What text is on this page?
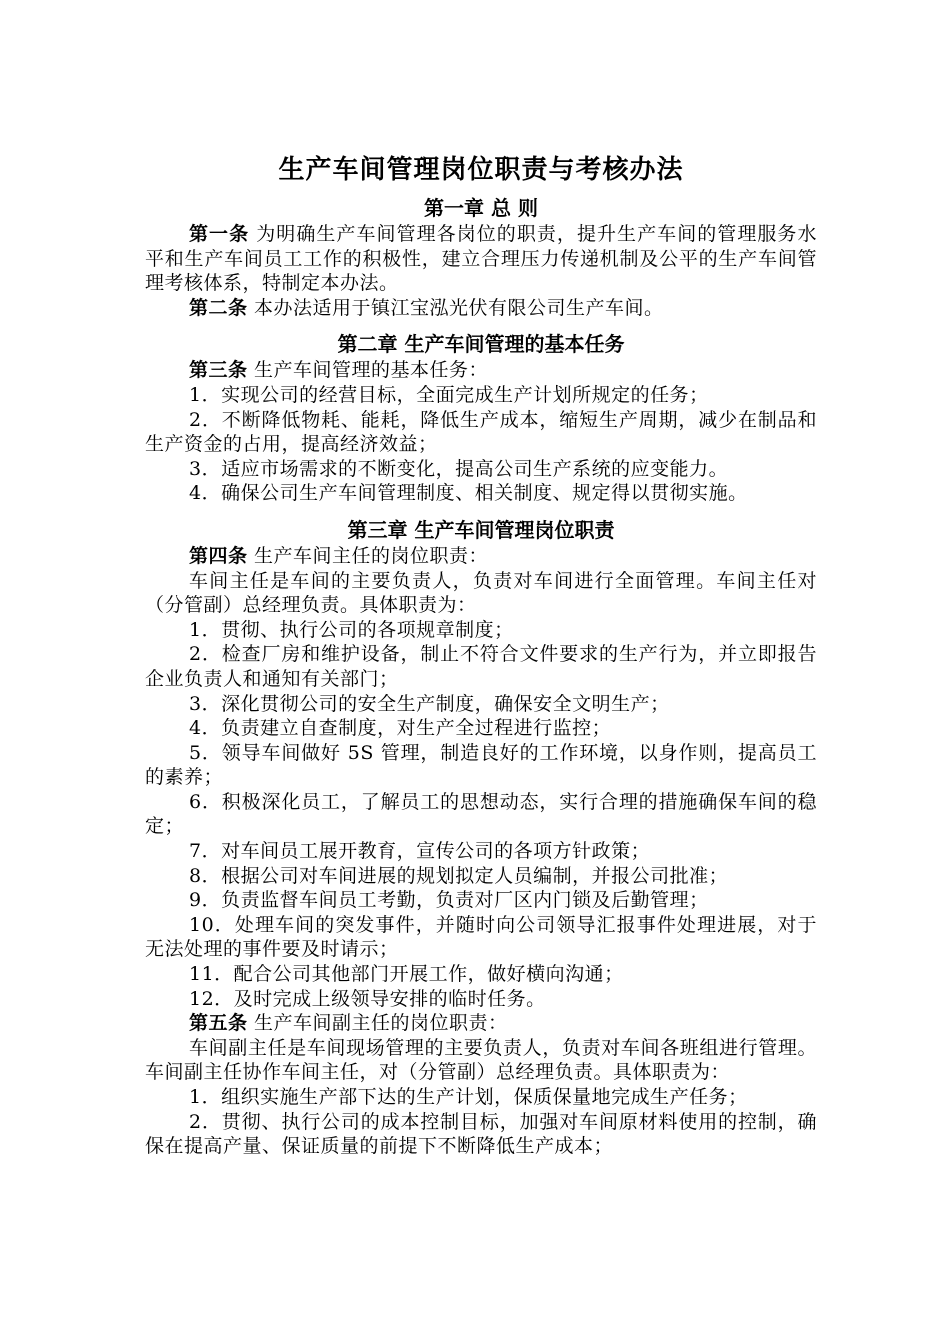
生产车间管理岗位职责与考核办法
第一章 总 则

第一条 为明确生产车间管理各岗位的职责，提升生产车间的管理服务水平和生产车间员工工作的积极性，建立合理压力传递机制及公平的生产车间管理考核体系，特制定本办法。

第二条 本办法适用于镇江宝泓光伏有限公司生产车间。

第二章 生产车间管理的基本任务

第三条 生产车间管理的基本任务：

1．实现公司的经营目标，全面完成生产计划所规定的任务；

2．不断降低物耗、能耗，降低生产成本，缩短生产周期，减少在制品和生产资金的占用，提高经济效益；

3．适应市场需求的不断变化，提高公司生产系统的应变能力。

4．确保公司生产车间管理制度、相关制度、规定得以贯彻实施。

第三章 生产车间管理岗位职责

第四条 生产车间主任的岗位职责：

车间主任是车间的主要负责人，负责对车间进行全面管理。车间主任对（分管副）总经理负责。具体职责为：

1．贯彻、执行公司的各项规章制度；

2．检查厂房和维护设备，制止不符合文件要求的生产行为，并立即报告企业负责人和通知有关部门；

3．深化贯彻公司的安全生产制度，确保安全文明生产；

4．负责建立自查制度，对生产全过程进行监控；

5．领导车间做好 5S 管理，制造良好的工作环境，以身作则，提高员工的素养；

6．积极深化员工，了解员工的思想动态，实行合理的措施确保车间的稳定；

7．对车间员工展开教育，宣传公司的各项方针政策；

8．根据公司对车间进展的规划拟定人员编制，并报公司批准；

9．负责监督车间员工考勤，负责对厂区内门锁及后勤管理；

10．处理车间的突发事件，并随时向公司领导汇报事件处理进展，对于无法处理的事件要及时请示；

11．配合公司其他部门开展工作，做好横向沟通；

12．及时完成上级领导安排的临时任务。

第五条 生产车间副主任的岗位职责：

车间副主任是车间现场管理的主要负责人，负责对车间各班组进行管理。车间副主任协作车间主任，对（分管副）总经理负责。具体职责为：

1．组织实施生产部下达的生产计划，保质保量地完成生产任务；

2．贯彻、执行公司的成本控制目标，加强对车间原材料使用的控制，确保在提高产量、保证质量的前提下不断降低生产成本；
